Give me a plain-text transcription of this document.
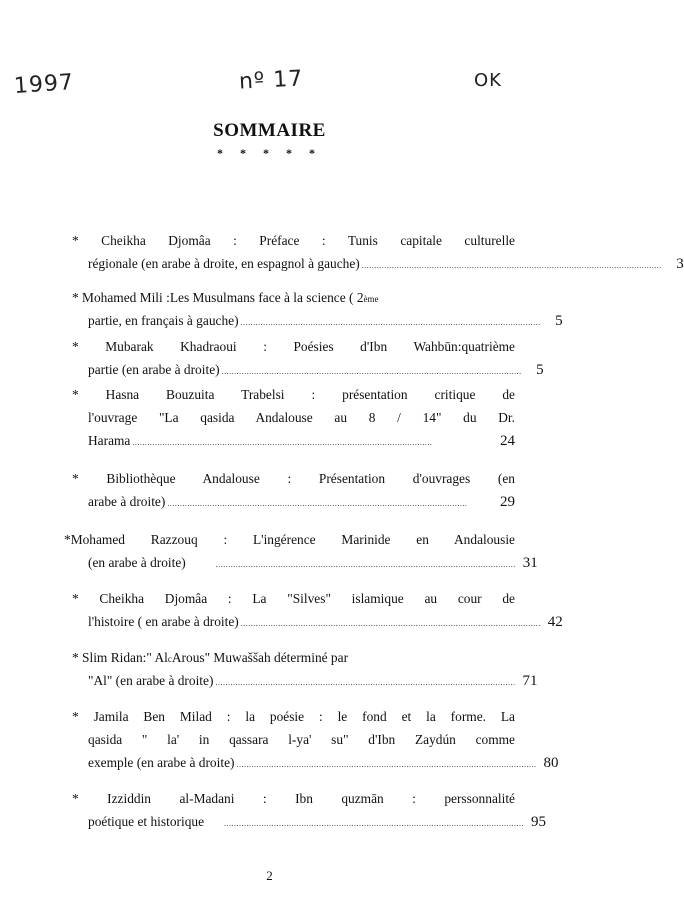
1997	nº 17	OK
SOMMAIRE
* * * * *
* Cheikha Djomâa : Préface : Tunis capitale culturelle
régionale (en arabe à droite, en espagnol à gauche) ........................................................................................................................ 3
* Mohamed Mili :Les Musulmans face à la science ( 2 ème
partie, en français à gauche) ........................................................................................................................ 5
* Mubarak Khadraoui : Poésies d'Ibn Wahbūn:quatrième
partie (en arabe à droite) ........................................................................................................................ 5
* Hasna Bouzuita Trabelsi : présentation critique de
l'ouvrage "La qasida Andalouse au 8 / 14" du Dr.
Harama ........................................................................................................................	24
* Bibliothèque Andalouse : Présentation d'ouvrages (en
arabe à droite) ........................................................................................................................	29
*Mohamed Razzouq : L'ingérence Marinide en Andalousie
(en arabe à droite)	........................................................................................................................ 31
* Cheikha Djomâa : La "Silves" islamique au cour de
l'histoire ( en arabe à droite) ........................................................................................................................ 42
* Slim Ridan:" Al c Arous" Muwaššah déterminé par
"Al" (en arabe à droite) ........................................................................................................................ 71
* Jamila Ben Milad : la poésie : le fond et la forme. La
qasida " la' in qassara l-ya' su" d'Ibn Zaydún comme
exemple (en arabe à droite) ........................................................................................................................ 80
* Izziddin al-Madani : Ibn quzmān : perssonnalité
poétique et historique	........................................................................................................................ 95
2
